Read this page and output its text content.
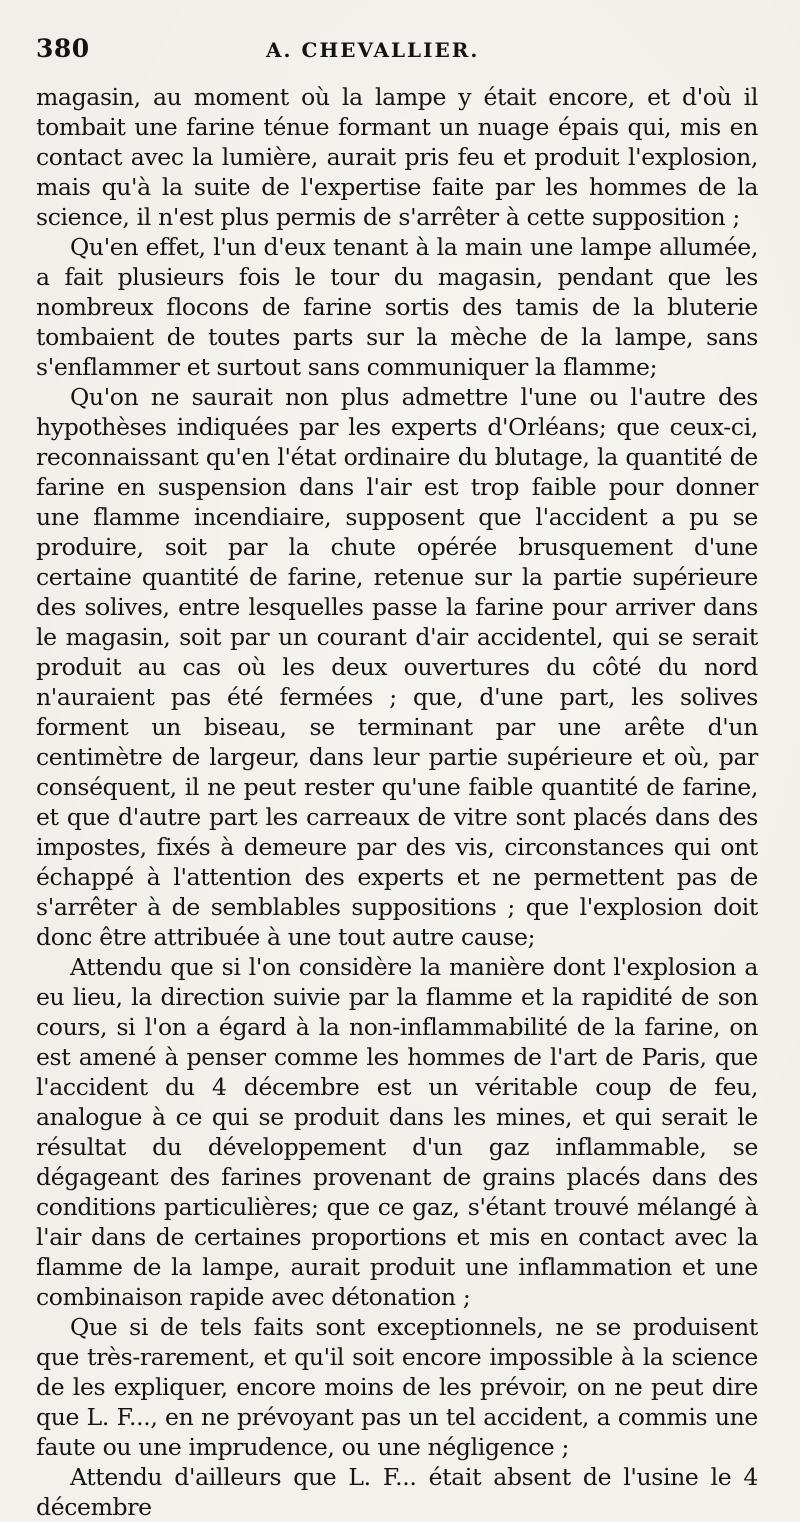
380	A. CHEVALLIER.

magasin, au moment où la lampe y était encore, et d'où il tombait une farine ténue formant un nuage épais qui, mis en contact avec la lumière, aurait pris feu et produit l'explosion, mais qu'à la suite de l'expertise faite par les hommes de la science, il n'est plus permis de s'arrêter à cette supposition ;

Qu'en effet, l'un d'eux tenant à la main une lampe allumée, a fait plusieurs fois le tour du magasin, pendant que les nombreux flocons de farine sortis des tamis de la bluterie tombaient de toutes parts sur la mèche de la lampe, sans s'enflammer et surtout sans communiquer la flamme;

Qu'on ne saurait non plus admettre l'une ou l'autre des hypothèses indiquées par les experts d'Orléans; que ceux-ci, reconnaissant qu'en l'état ordinaire du blutage, la quantité de farine en suspension dans l'air est trop faible pour donner une flamme incendiaire, supposent que l'accident a pu se produire, soit par la chute opérée brusquement d'une certaine quantité de farine, retenue sur la partie supérieure des solives, entre lesquelles passe la farine pour arriver dans le magasin, soit par un courant d'air accidentel, qui se serait produit au cas où les deux ouvertures du côté du nord n'auraient pas été fermées ; que, d'une part, les solives forment un biseau, se terminant par une arête d'un centimètre de largeur, dans leur partie supérieure et où, par conséquent, il ne peut rester qu'une faible quantité de farine, et que d'autre part les carreaux de vitre sont placés dans des impostes, fixés à demeure par des vis, circonstances qui ont échappé à l'attention des experts et ne permettent pas de s'arrêter à de semblables suppositions ; que l'explosion doit donc être attribuée à une tout autre cause;

Attendu que si l'on considère la manière dont l'explosion a eu lieu, la direction suivie par la flamme et la rapidité de son cours, si l'on a égard à la non-inflammabilité de la farine, on est amené à penser comme les hommes de l'art de Paris, que l'accident du 4 décembre est un véritable coup de feu, analogue à ce qui se produit dans les mines, et qui serait le résultat du développement d'un gaz inflammable, se dégageant des farines provenant de grains placés dans des conditions particulières; que ce gaz, s'étant trouvé mélangé à l'air dans de certaines proportions et mis en contact avec la flamme de la lampe, aurait produit une inflammation et une combinaison rapide avec détonation ;

Que si de tels faits sont exceptionnels, ne se produisent que très-rarement, et qu'il soit encore impossible à la science de les expliquer, encore moins de les prévoir, on ne peut dire que L. F..., en ne prévoyant pas un tel accident, a commis une faute ou une imprudence, ou une négligence ;

Attendu d'ailleurs que L. F... était absent de l'usine le 4 décembre
